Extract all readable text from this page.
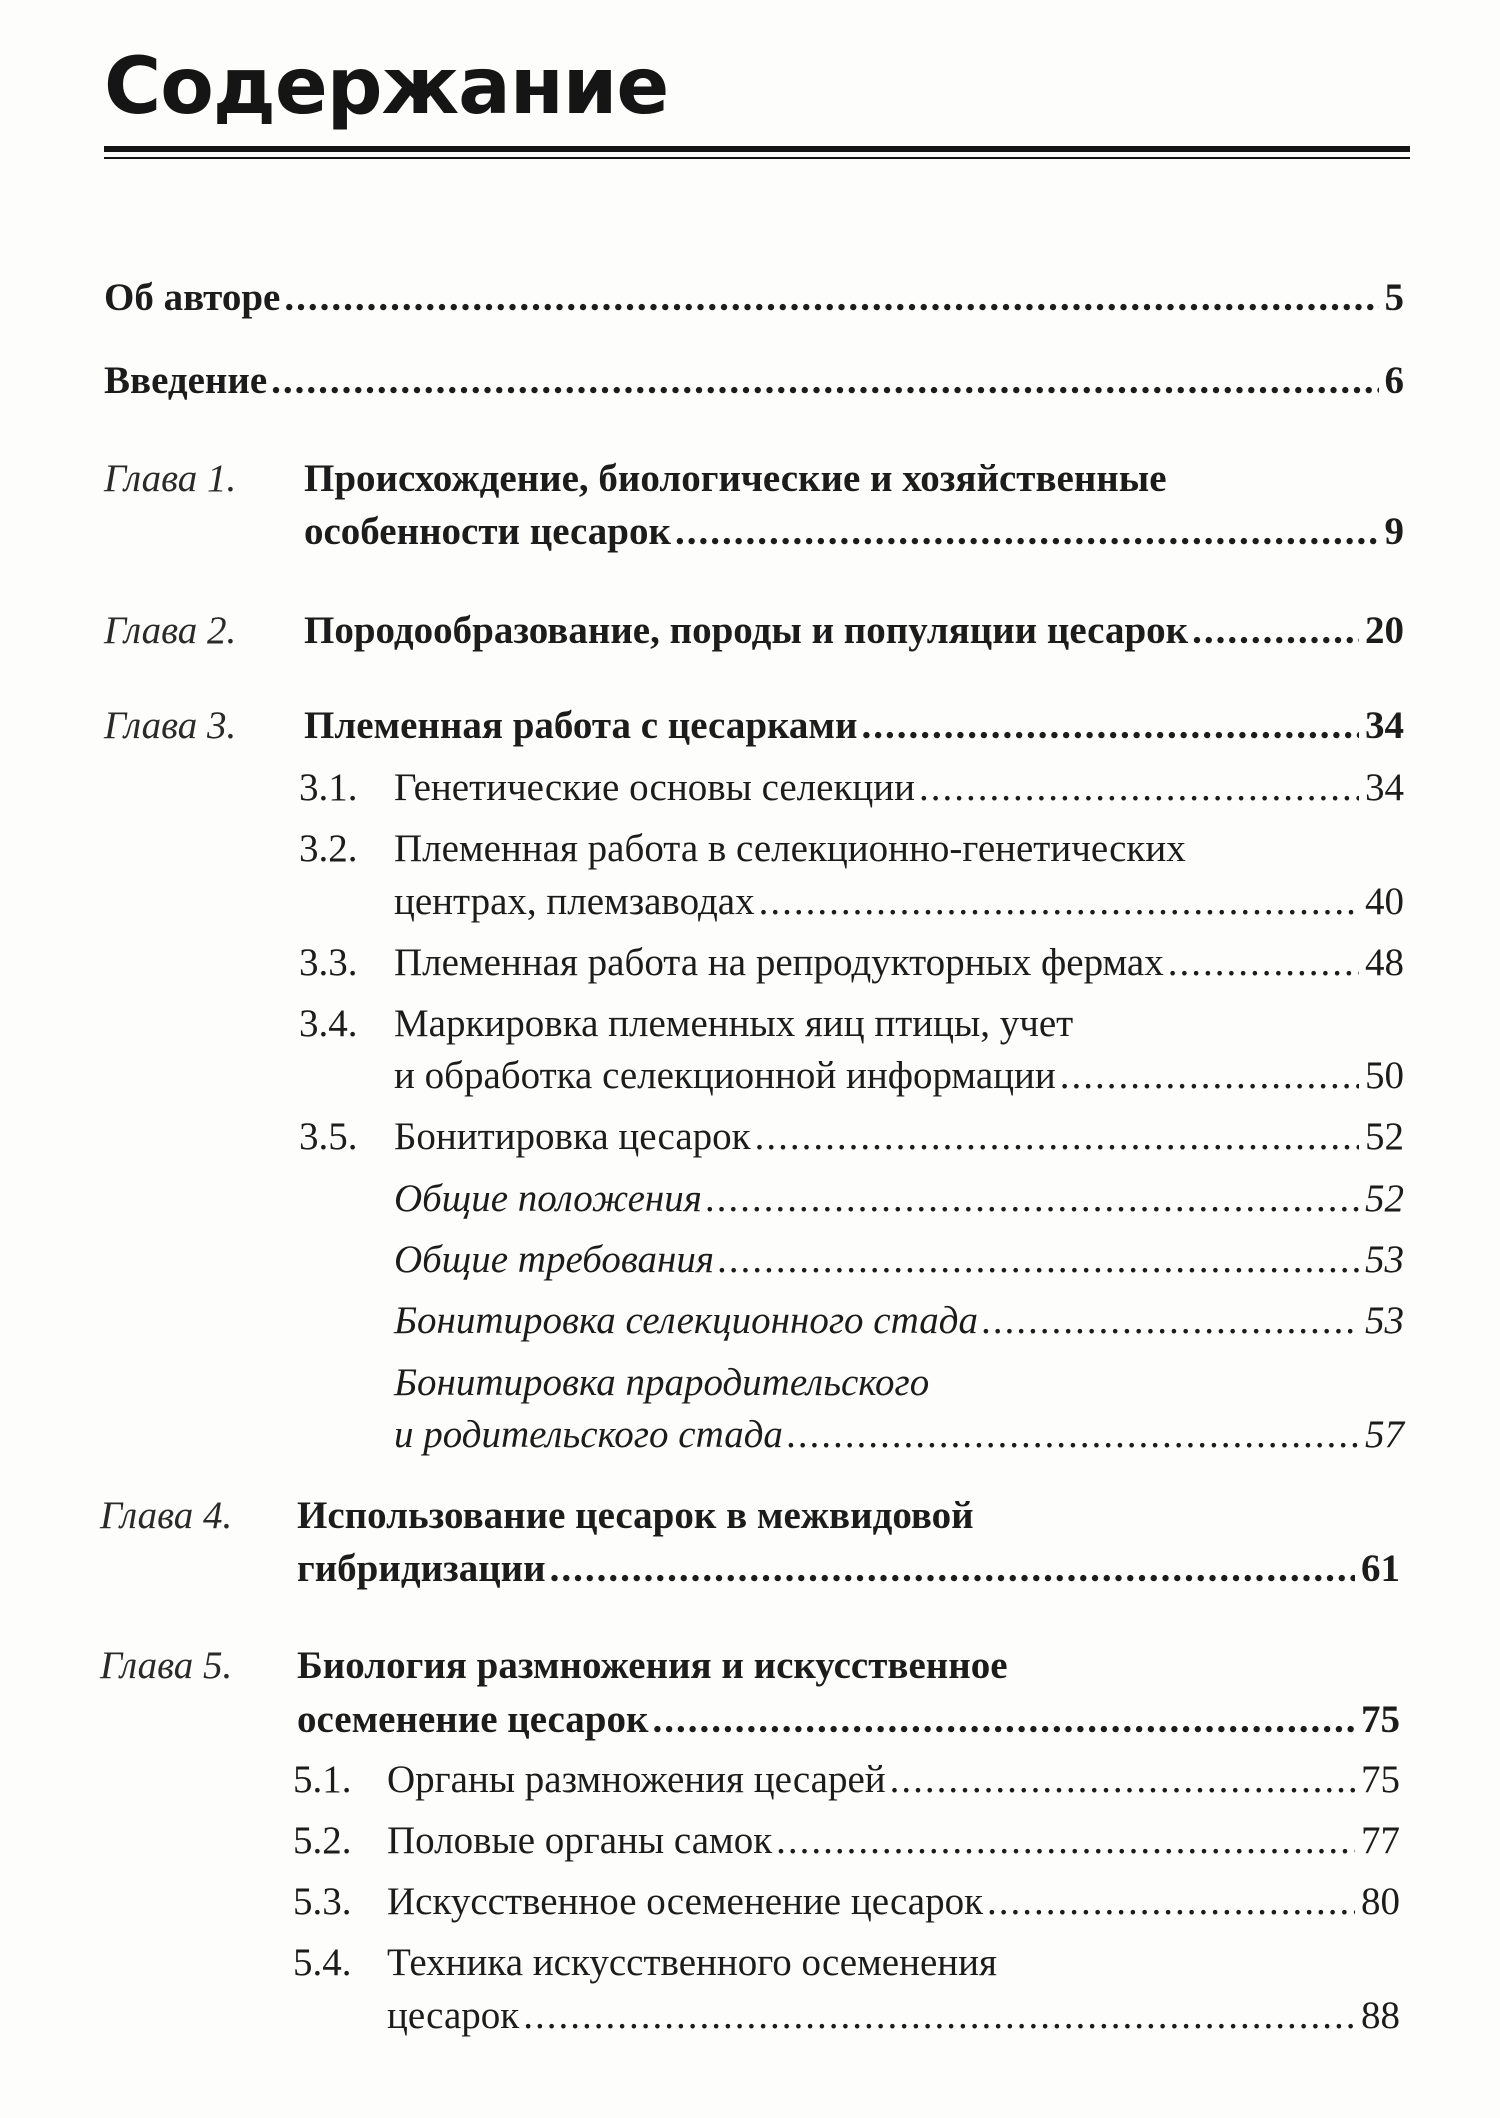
Содержание
Об авторе .....	5
Введение .....	6
Глава 1. Происхождение, биологические и хозяйственные
особенности цесарок .....	9
Глава 2. Породообразование, породы и популяции цесарок .....	20
Глава 3. Племенная работа с цесарками .....	34
3.1. Генетические основы селекции .....	34
3.2. Племенная работа в селекционно-генетических
центрах, племзаводах .....	40
3.3. Племенная работа на репродукторных фермах .....	48
3.4. Маркировка племенных яиц птицы, учет
и обработка селекционной информации .....	50
3.5. Бонитировка цесарок .....	52
Общие положения .....	52
Общие требования .....	53
Бонитировка селекционного стада .....	53
Бонитировка прародительского
и родительского стада .....	57
Глава 4. Использование цесарок в межвидовой
гибридизации .....	61
Глава 5. Биология размножения и искусственное
осеменение цесарок .....	75
5.1. Органы размножения цесарей .....	75
5.2. Половые органы самок .....	77
5.3. Искусственное осеменение цесарок .....	80
5.4. Техника искусственного осеменения
цесарок .....	88
